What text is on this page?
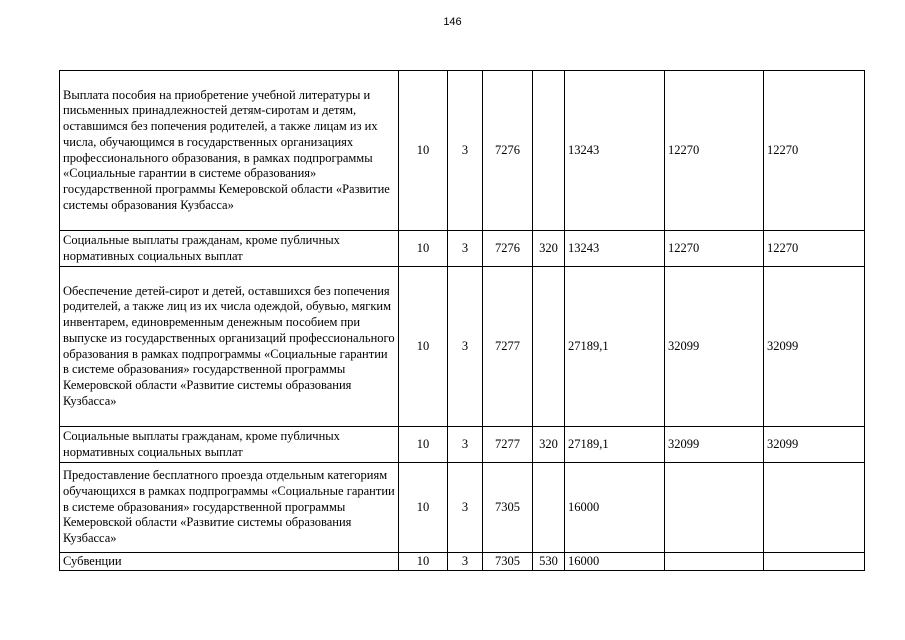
146
Выплата пособия на приобретение учебной литературы и письменных принадлежностей детям-сиротам и детям, оставшимся без попечения родителей, а также лицам из их числа, обучающимся в государственных организациях профессионального образования, в рамках подпрограммы «Социальные гарантии в системе образования» государственной программы Кемеровской области «Развитие системы образования Кузбасса»	10	3	7276		13243	12270	12270
Социальные выплаты гражданам, кроме публичных нормативных социальных выплат	10	3	7276	320	13243	12270	12270
Обеспечение детей-сирот и детей, оставшихся без попечения родителей, а также лиц из их числа одеждой, обувью, мягким инвентарем, единовременным денежным пособием при выпуске из государственных организаций профессионального образования в рамках подпрограммы «Социальные гарантии в системе образования» государственной программы Кемеровской области «Развитие системы образования Кузбасса»	10	3	7277		27189,1	32099	32099
Социальные выплаты гражданам, кроме публичных нормативных социальных выплат	10	3	7277	320	27189,1	32099	32099
Предоставление бесплатного проезда отдельным категориям обучающихся в рамках подпрограммы «Социальные гарантии в системе образования» государственной программы Кемеровской области «Развитие системы образования Кузбасса»	10	3	7305		16000		
Субвенции	10	3	7305	530	16000		
